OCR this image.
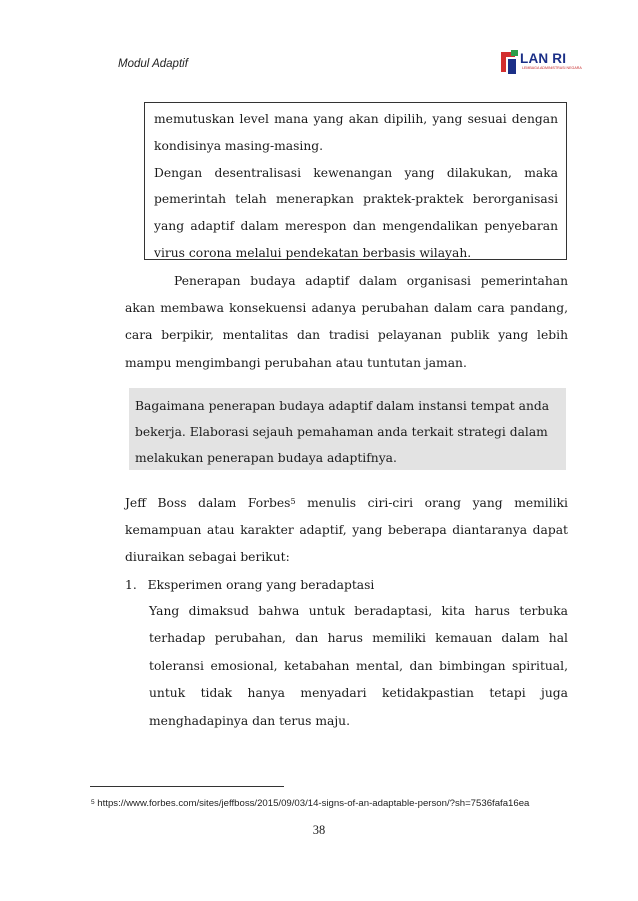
Modul Adaptif	LAN RI
LEMBAGA ADMINISTRASI NEGARA

memutuskan level mana yang akan dipilih, yang sesuai dengan kondisinya masing-masing.

Dengan desentralisasi kewenangan yang dilakukan, maka pemerintah telah menerapkan praktek-praktek berorganisasi yang adaptif dalam merespon dan mengendalikan penyebaran virus corona melalui pendekatan berbasis wilayah.

Penerapan budaya adaptif dalam organisasi pemerintahan akan membawa konsekuensi adanya perubahan dalam cara pandang, cara berpikir, mentalitas dan tradisi pelayanan publik yang lebih mampu mengimbangi perubahan atau tuntutan jaman.

Bagaimana penerapan budaya adaptif dalam instansi tempat anda bekerja. Elaborasi sejauh pemahaman anda terkait strategi dalam melakukan penerapan budaya adaptifnya.

Jeff Boss dalam Forbes$^5$ menulis ciri-ciri orang yang memiliki kemampuan atau karakter adaptif, yang beberapa diantaranya dapat diuraikan sebagai berikut:

1. Eksperimen orang yang beradaptasi

Yang dimaksud bahwa untuk beradaptasi, kita harus terbuka terhadap perubahan, dan harus memiliki kemauan dalam hal toleransi emosional, ketabahan mental, dan bimbingan spiritual, untuk tidak hanya menyadari ketidakpastian tetapi juga menghadapinya dan terus maju.

$^5$ https://www.forbes.com/sites/jeffboss/2015/09/03/14-signs-of-an-adaptable-person/?sh=7536fafa16ea
38
